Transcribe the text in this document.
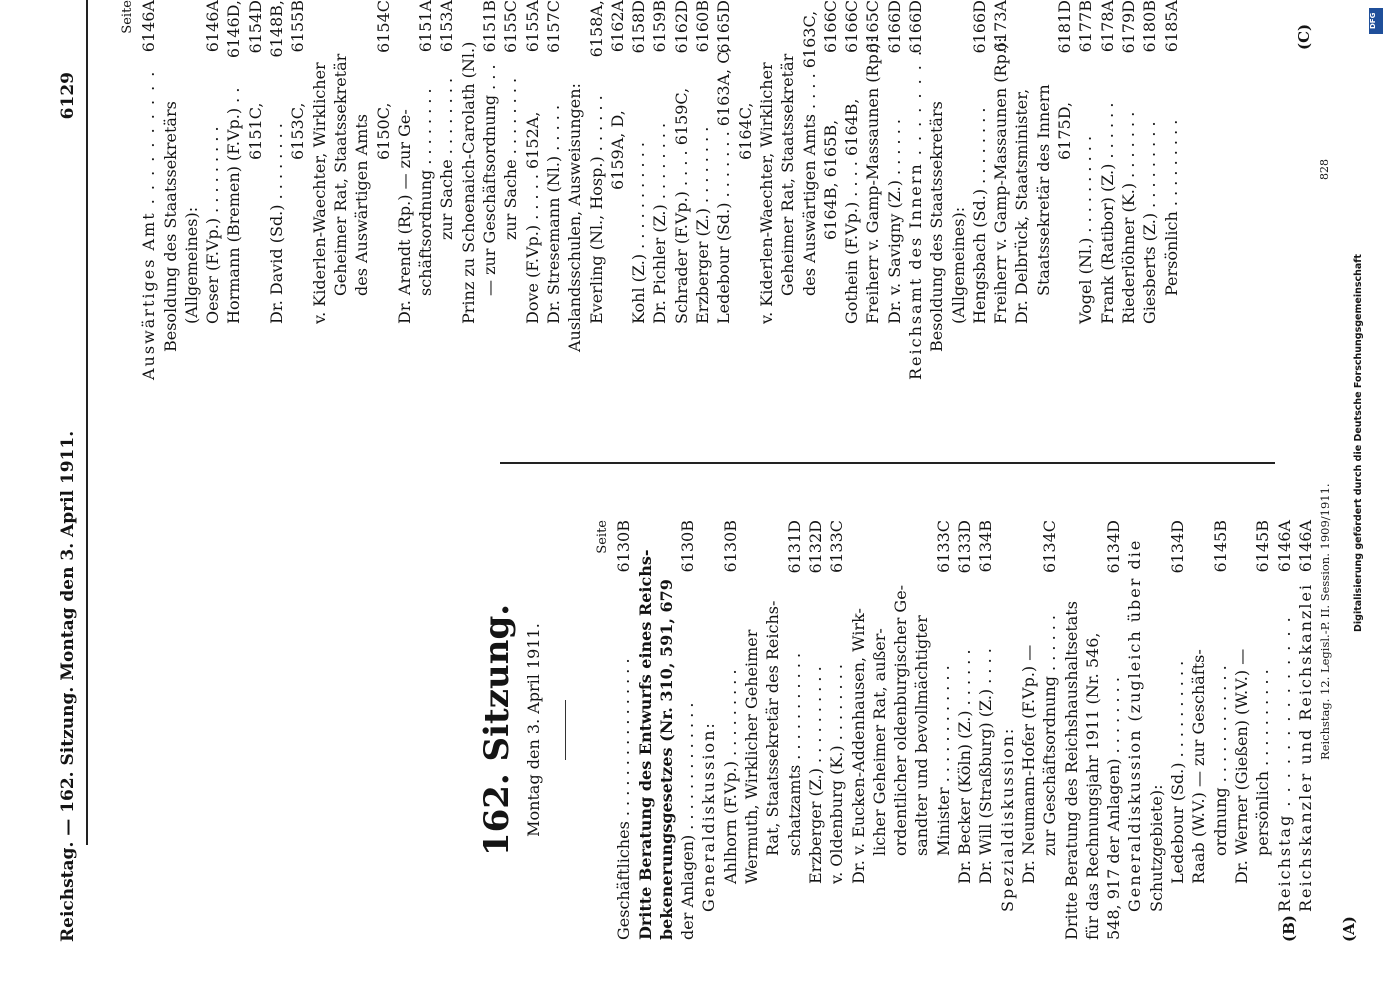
Reichstag. — 162. Sitzung. Montag den 3. April 1911.
6129
(A)
(B)
(C)
162. Sitzung. Montag den 3. April 1911.
Seite
Geschäftliches . . . . . . . . . . . . . . . .
6130B
Dritte Beratung des Entwurfs eines Reichs- bekenerungsgesetzes (Nr. 310, 591, 679 der Anlagen) . . . . . . . . . . . . .
6130B
Generaldiskussion: Ahlhorn (F.Vp.) . . . . . . . . .
6130B
Wermuth, Wirklicher Geheimer Rat, Staatssekretär des Reichs- schatzamts . . . . . . . . . . .
6131D
Erzberger (Z.) . . . . . . . . . .
6132D
v. Oldenburg (K.) . . . . . . . .
6133C
Dr. v. Eucken-Addenhausen, Wirk- licher Geheimer Rat, außer- ordentlicher oldenburgischer Ge- sandter und bevollmächtigter Minister . . . . . . . . . . . .
6133C
Dr. Becker (Köln) (Z.) . . . . . .
6133D
Dr. Will (Straßburg) (Z.) . . . .
6134B
Spezialdiskussion: Dr. Neumann-Hofer (F.Vp.) — zur Geschäftsordnung . . . . . .
6134C
Dritte Beratung des Reichshaushaltsetats für das Rechnungsjahr 1911 (Nr. 546, 548, 917 der Anlagen) . . . . . . . .
6134D Generaldiskussion (zugleich über die Schutzgebiete): Ledebour (Sd.) . . . . . . . . . .
6134D
Raab (W.V.) — zur Geschäfts- ordnung . . . . . . . . . . . .
6145B
Dr. Werner (Gießen) (W.V.) — persönlich . . . . . . . . . .
6145B
Reichstag . . . . . . . . . . . . . .
6146A
Reichskanzler und Reichskanzlei
6146A
Seite
Auswärtiges Amt . . . . . . . . . .
6146A
Besoldung des Staatssekretärs (Allgemeines): Oeser (F.Vp.) . . . . . . . . .
6146A
Hormann (Bremen) (F.Vp.) . .
6146D,
6151C,
6154D
Dr. David (Sd.) . . . . . . . .
6148B,
6153C,
6155B
v. Kiderlen-Waechter, Wirklicher Geheimer Rat, Staatssekretär des Auswärtigen Amts 6150C,
6154C
Dr. Arendt (Rp.) — zur Ge- schäftsordnung . . . . . . . .
6151A
zur Sache . . . . . . . .
6153A
Prinz zu Schoenaich-Carolath (Nl.) — zur Geschäftsordnung . . .
6151B
zur Sache . . . . . . . .
6155C
Dove (F.Vp.) . . . . . 6152A,
6155A
Dr. Stresemann (Nl.) . . . . .
6157C
Auslandsschulen, Ausweisungen: Everling (Nl., Hosp.) . . . . . .
6158A,
6159A, D,
6162A
Kohl (Z.) . . . . . . . . . . .
6158D
Dr. Pichler (Z.) . . . . . . . .
6159B
Schrader (F.Vp.) . . . . 6159C,
6162D
Erzberger (Z.) . . . . . . . .
6160B
Ledebour (Sd.) . . . . . . . 6163A, C,
6165D
6164C, v. Kiderlen-Waechter, Wirklicher Geheimer Rat, Staatssekretär des Auswärtigen Amts . . . . 6163C, 6164B, 6165B,
6166C
Gothein (F.Vp.) . . . . 6164B,
6166C
Freiherr v. Gamp-Massaunen (Rp.):
6165C
Dr. v. Savigny (Z.) . . . . . .
6166D
Reichsamt des Innern . . . . . . . .
6166D
Besoldung des Staatssekretärs (Allgemeines): Hengsbach (Sd.) . . . . . . . .
6166D
Freiherr v. Gamp-Massaunen (Rp.):
6173A
Dr. Delbrück, Staatsminister, Staatssekretär des Innern 6175D,
6181D
Vogel (Nl.) . . . . . . . . . .
6177B
Frank (Ratibor) (Z.) . . . . . .
6178A
Riederlöhner (K.) . . . . . . .
6179D
Giesberts (Z.) . . . . . . . . .
6180B
Persönlich . . . . . . . . .
6185A
Reichstag. 12. Legisl.-P. II. Session. 1909/1911.
828
Digitalisierung gefördert durch die Deutsche Forschungsgemeinschaft
DFG
